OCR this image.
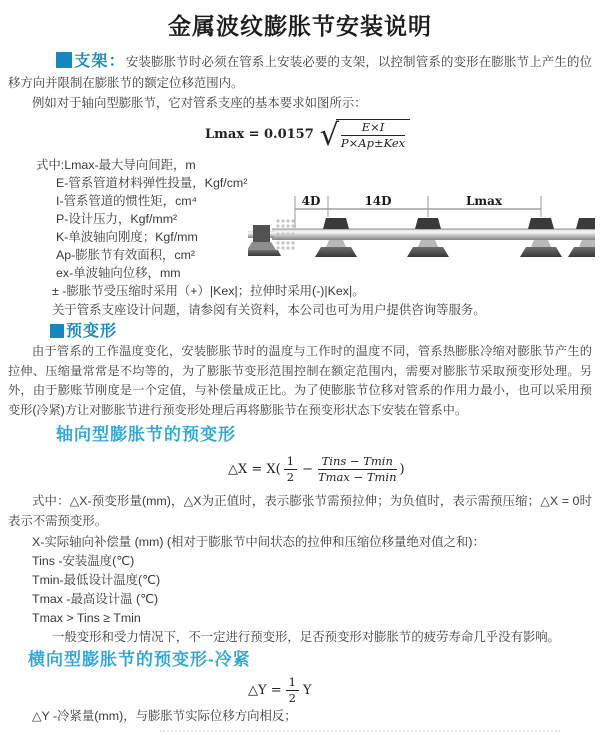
金属波纹膨胀节安装说明

支架：安装膨胀节时必须在管系上安装必要的支架，以控制管系的变形在膨胀节上产生的位移方向并限制在膨胀节的额定位移范围内。

例如对于轴向型膨胀节，它对管系支座的基本要求如图所示：

Lmax = 0.0157 √ $\frac{E\times I}{\text{P×Ap±Kex}}$
式中:Lmax-最大导向间距，m
E-管系管道材料弹性投量，Kgf/cm²
I-管系管道的惯性矩，cm⁴
P-设计压力，Kgf/mm²
K-单波轴向刚度；Kgf/mm
Ap-膨胀节有效面积，cm²
ex-单波轴向位移，mm
± -膨胀节受压缩时采用（+）|Kex|；拉伸时采用(-)|Kex|。
关于管系支座设计问题，请参阅有关资料，本公司也可为用户提供咨询等服务。
4D	14D	Lmax

预变形

由于管系的工作温度变化，安装膨胀节时的温度与工作时的温度不同，管系热膨胀冷缩对膨胀节产生的拉伸、压缩量常常是不均等的，为了膨胀节变形范围控制在额定范围内，需要对膨胀节采取预变形处理。另外，由于膨账节刚度是一个定值，与补偿量成正比。为了使膨胀节位移对管系的作用力最小，也可以采用预变形(冷紧)方让对膨胀节进行预变形处理后再将膨胀节在预变形状态下安装在管系中。

轴向型膨胀节的预变形
△X = $X( \frac{1}{2} - \frac{\text{Tins − Tmin}}{Tmax - Tmin}$ )

式中：△X-预变形量(mm)，△X为正值时，表示膨张节需预拉伸；为负值时，表示需预压缩；△X = 0时表示不需预变形。

X-实际轴向补偿量 (mm) (相对于膨胀节中间状态的拉伸和压缩位移量绝对值之和)：

Tins -安装温度(℃)
Tmin-最低设计温度(℃)
Tmax -最高设计温 (℃)
Tmax > Tins ≥ Tmin

一般变形和受力情况下，不一定进行预变形，足否预变形对膨胀节的疲劳寿命几乎没有影响。

横向型膨胀节的预变形-冷紧
△Y = $\frac{1}{2}$ Y

△Y -冷紧量(mm)，与膨胀节实际位移方向相反；
